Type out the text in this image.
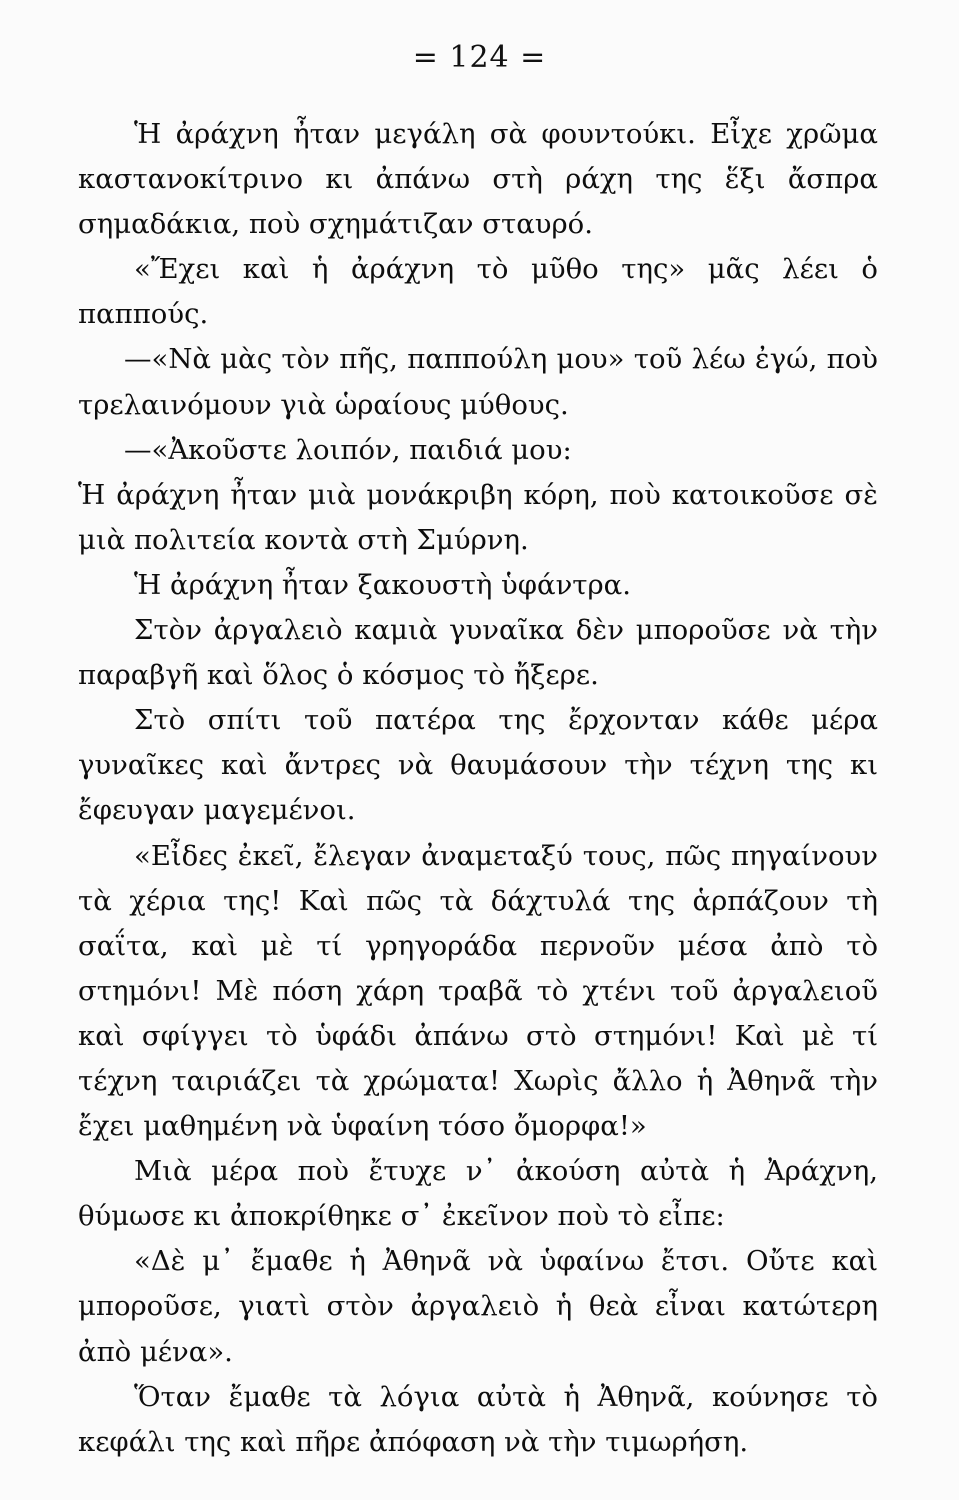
= 124 =

Ἡ ἀράχνη ἦταν μεγάλη σὰ φουντούκι. Εἶχε χρῶμα καστανοκίτρινο κι ἀπάνω στὴ ράχη της ἕξι ἄσπρα σημαδάκια, ποὺ σχημάτιζαν σταυρό.

«Ἔχει καὶ ἡ ἀράχνη τὸ μῦθο της» μᾶς λέει ὁ παππούς.

—«Νὰ μὰς τὸν πῆς, παππούλη μου» τοῦ λέω ἐγώ, ποὺ τρελαινόμουν γιὰ ὡραίους μύθους.

—«Ἀκοῦστε λοιπόν, παιδιά μου:

Ἡ ἀράχνη ἦταν μιὰ μονάκριβη κόρη, ποὺ κατοικοῦσε σὲ μιὰ πολιτεία κοντὰ στὴ Σμύρνη.

Ἡ ἀράχνη ἦταν ξακουστὴ ὑφάντρα.

Στὸν ἀργαλειὸ καμιὰ γυναῖκα δὲν μποροῦσε νὰ τὴν παραβγῆ καὶ ὅλος ὁ κόσμος τὸ ἤξερε.

Στὸ σπίτι τοῦ πατέρα της ἔρχονταν κάθε μέρα γυναῖκες καὶ ἄντρες νὰ θαυμάσουν τὴν τέχνη της κι ἔφευγαν μαγεμένοι.

«Εἶδες ἐκεῖ, ἔλεγαν ἀναμεταξύ τους, πῶς πηγαίνουν τὰ χέρια της! Καὶ πῶς τὰ δάχτυλά της ἁρπάζουν τὴ σαΐτα, καὶ μὲ τί γρηγοράδα περνοῦν μέσα ἀπὸ τὸ στημόνι! Μὲ πόση χάρη τραβᾶ τὸ χτένι τοῦ ἀργαλειοῦ καὶ σφίγγει τὸ ὑφάδι ἀπάνω στὸ στημόνι! Καὶ μὲ τί τέχνη ταιριάζει τὰ χρώματα! Χωρὶς ἄλλο ἡ Ἀθηνᾶ τὴν ἔχει μαθημένη νὰ ὑφαίνη τόσο ὄμορφα!»

Μιὰ μέρα ποὺ ἔτυχε ν᾿ ἀκούση αὐτὰ ἡ Ἀράχνη, θύμωσε κι ἀποκρίθηκε σ᾿ ἐκεῖνον ποὺ τὸ εἶπε:

«Δὲ μ᾿ ἔμαθε ἡ Ἀθηνᾶ νὰ ὑφαίνω ἔτσι. Οὔτε καὶ μποροῦσε, γιατὶ στὸν ἀργαλειὸ ἡ θεὰ εἶναι κατώτερη ἀπὸ μένα».

Ὅταν ἔμαθε τὰ λόγια αὐτὰ ἡ Ἀθηνᾶ, κούνησε τὸ κεφάλι της καὶ πῆρε ἀπόφαση νὰ τὴν τιμωρήση.
